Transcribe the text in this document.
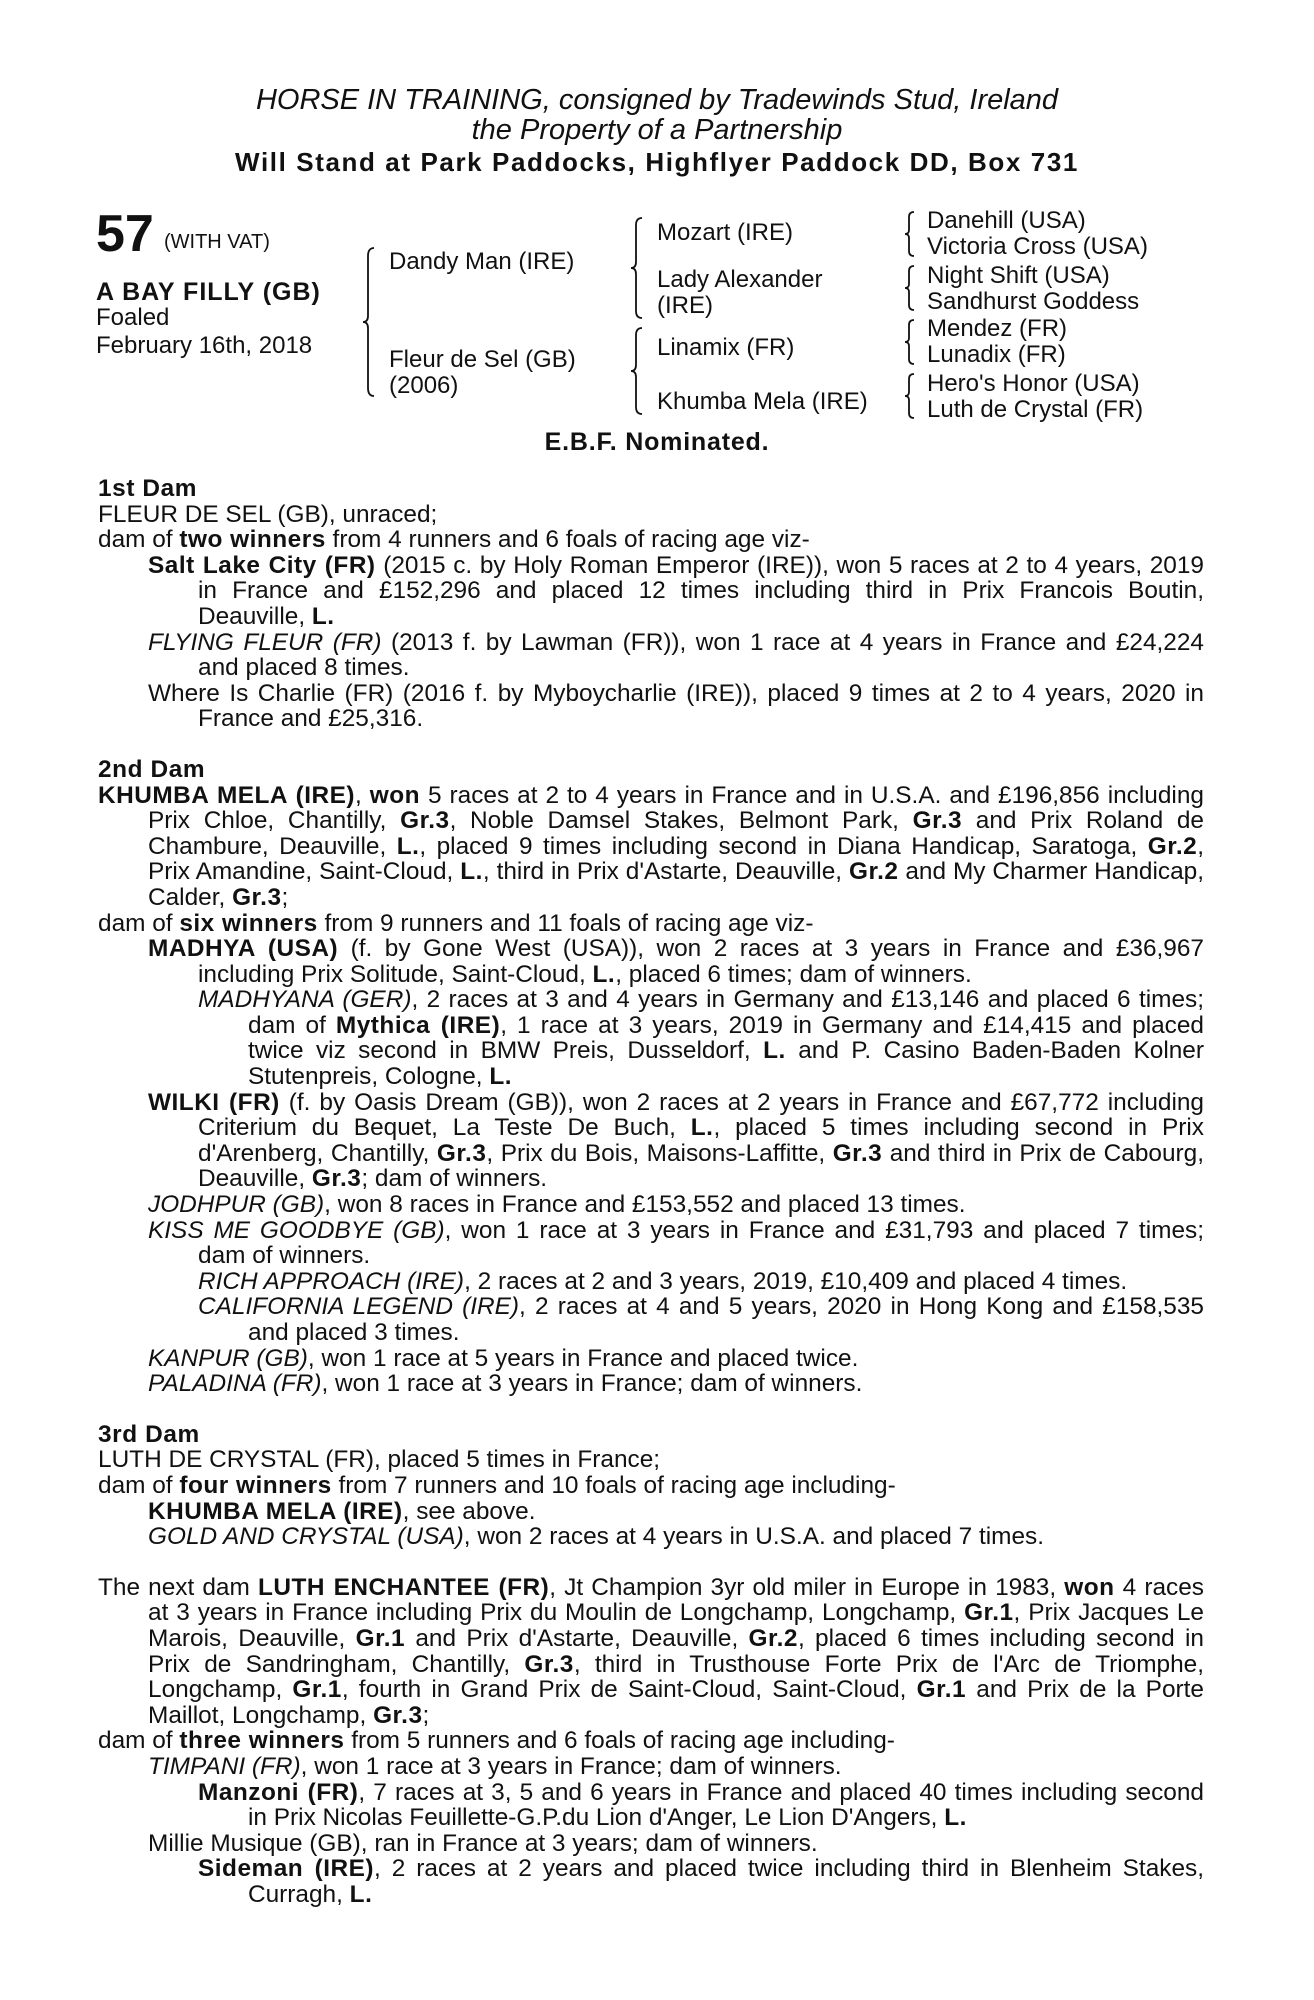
HORSE IN TRAINING, consigned by Tradewinds Stud, Ireland
the Property of a Partnership
Will Stand at Park Paddocks, Highflyer Paddock DD, Box 731
57 (WITH VAT)
A BAY FILLY (GB)
Foaled
February 16th, 2018
Dandy Man (IRE)
Fleur de Sel (GB)
(2006)
Mozart (IRE)
Lady Alexander
(IRE)
Linamix (FR)
Khumba Mela (IRE)
Danehill (USA)
Victoria Cross (USA)
Night Shift (USA)
Sandhurst Goddess
Mendez (FR)
Lunadix (FR)
Hero's Honor (USA)
Luth de Crystal (FR)
E.B.F. Nominated.

1st Dam

FLEUR DE SEL (GB), unraced;

dam of two winners from 4 runners and 6 foals of racing age viz-

Salt Lake City (FR) (2015 c. by Holy Roman Emperor (IRE)), won 5 races at 2 to 4 years, 2019 in France and £152,296 and placed 12 times including third in Prix Francois Boutin, Deauville, L.

FLYING FLEUR (FR) (2013 f. by Lawman (FR)), won 1 race at 4 years in France and £24,224 and placed 8 times.

Where Is Charlie (FR) (2016 f. by Myboycharlie (IRE)), placed 9 times at 2 to 4 years, 2020 in France and £25,316.

2nd Dam

KHUMBA MELA (IRE), won 5 races at 2 to 4 years in France and in U.S.A. and £196,856 including Prix Chloe, Chantilly, Gr.3, Noble Damsel Stakes, Belmont Park, Gr.3 and Prix Roland de Chambure, Deauville, L., placed 9 times including second in Diana Handicap, Saratoga, Gr.2, Prix Amandine, Saint-Cloud, L., third in Prix d'Astarte, Deauville, Gr.2 and My Charmer Handicap, Calder, Gr.3;

dam of six winners from 9 runners and 11 foals of racing age viz-

MADHYA (USA) (f. by Gone West (USA)), won 2 races at 3 years in France and £36,967 including Prix Solitude, Saint-Cloud, L., placed 6 times; dam of winners.

MADHYANA (GER), 2 races at 3 and 4 years in Germany and £13,146 and placed 6 times; dam of Mythica (IRE), 1 race at 3 years, 2019 in Germany and £14,415 and placed twice viz second in BMW Preis, Dusseldorf, L. and P. Casino Baden-Baden Kolner Stutenpreis, Cologne, L.

WILKI (FR) (f. by Oasis Dream (GB)), won 2 races at 2 years in France and £67,772 including Criterium du Bequet, La Teste De Buch, L., placed 5 times including second in Prix d'Arenberg, Chantilly, Gr.3, Prix du Bois, Maisons-Laffitte, Gr.3 and third in Prix de Cabourg, Deauville, Gr.3; dam of winners.

JODHPUR (GB), won 8 races in France and £153,552 and placed 13 times.

KISS ME GOODBYE (GB), won 1 race at 3 years in France and £31,793 and placed 7 times; dam of winners.

RICH APPROACH (IRE), 2 races at 2 and 3 years, 2019, £10,409 and placed 4 times.

CALIFORNIA LEGEND (IRE), 2 races at 4 and 5 years, 2020 in Hong Kong and £158,535 and placed 3 times.

KANPUR (GB), won 1 race at 5 years in France and placed twice.

PALADINA (FR), won 1 race at 3 years in France; dam of winners.

3rd Dam

LUTH DE CRYSTAL (FR), placed 5 times in France;

dam of four winners from 7 runners and 10 foals of racing age including-

KHUMBA MELA (IRE), see above.

GOLD AND CRYSTAL (USA), won 2 races at 4 years in U.S.A. and placed 7 times.

The next dam LUTH ENCHANTEE (FR), Jt Champion 3yr old miler in Europe in 1983, won 4 races at 3 years in France including Prix du Moulin de Longchamp, Longchamp, Gr.1, Prix Jacques Le Marois, Deauville, Gr.1 and Prix d'Astarte, Deauville, Gr.2, placed 6 times including second in Prix de Sandringham, Chantilly, Gr.3, third in Trusthouse Forte Prix de l'Arc de Triomphe, Longchamp, Gr.1, fourth in Grand Prix de Saint-Cloud, Saint-Cloud, Gr.1 and Prix de la Porte Maillot, Longchamp, Gr.3;

dam of three winners from 5 runners and 6 foals of racing age including-

TIMPANI (FR), won 1 race at 3 years in France; dam of winners.

Manzoni (FR), 7 races at 3, 5 and 6 years in France and placed 40 times including second in Prix Nicolas Feuillette-G.P.du Lion d'Anger, Le Lion D'Angers, L.

Millie Musique (GB), ran in France at 3 years; dam of winners.

Sideman (IRE), 2 races at 2 years and placed twice including third in Blenheim Stakes, Curragh, L.
